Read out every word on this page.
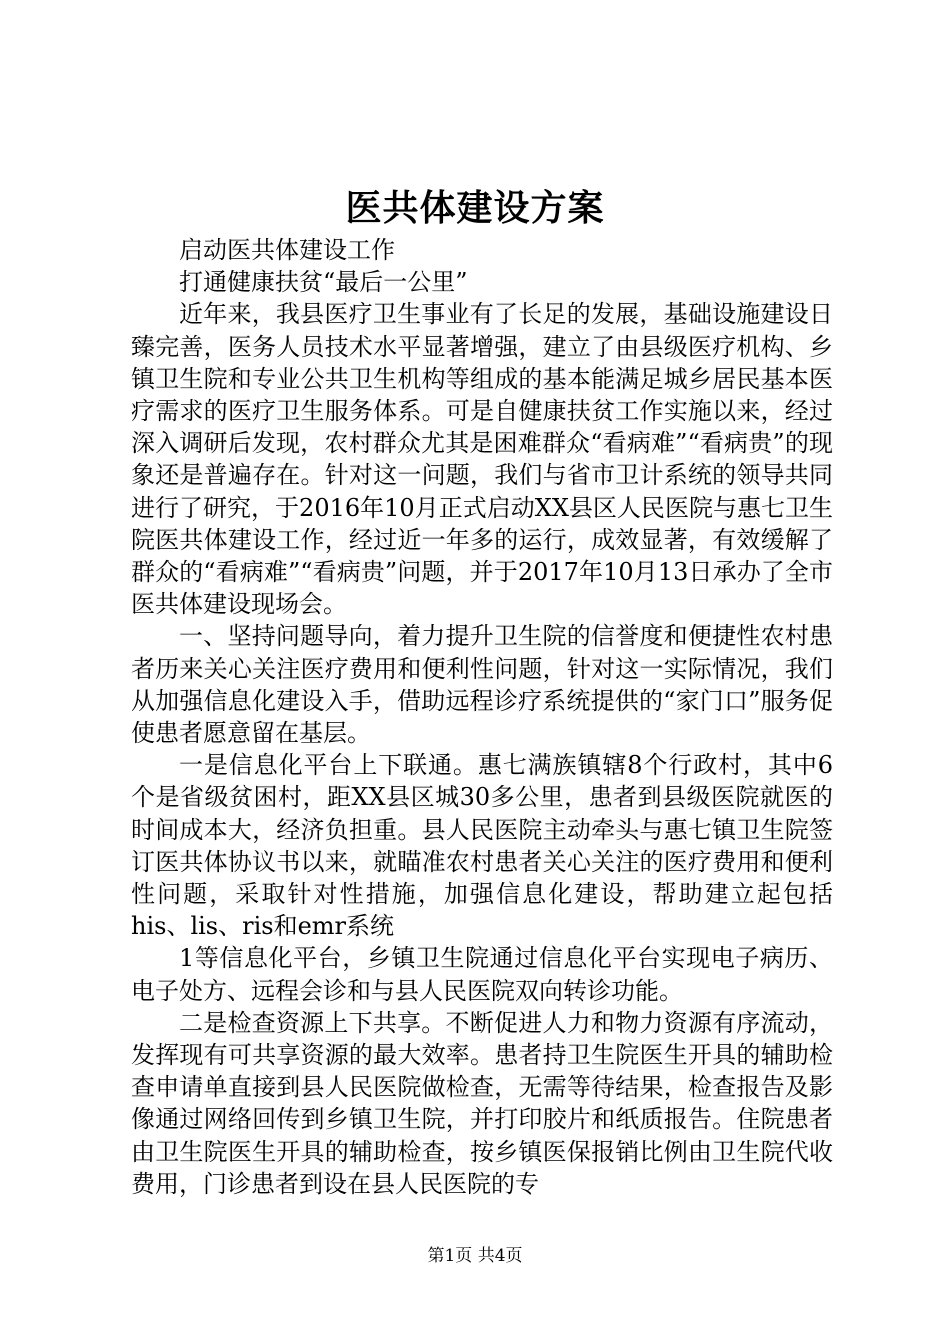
医共体建设方案

启动医共体建设工作

打通健康扶贫“最后一公里”

近年来，我县医疗卫生事业有了长足的发展，基础设施建设日臻完善，医务人员技术水平显著增强，建立了由县级医疗机构、乡镇卫生院和专业公共卫生机构等组成的基本能满足城乡居民基本医疗需求的医疗卫生服务体系。可是自健康扶贫工作实施以来，经过深入调研后发现，农村群众尤其是困难群众“看病难”“看病贵”的现象还是普遍存在。针对这一问题，我们与省市卫计系统的领导共同进行了研究，于2016年10月正式启动XX县区人民医院与惠七卫生院医共体建设工作，经过近一年多的运行，成效显著，有效缓解了群众的“看病难”“看病贵”问题，并于2017年10月13日承办了全市医共体建设现场会。

一、坚持问题导向，着力提升卫生院的信誉度和便捷性农村患者历来关心关注医疗费用和便利性问题，针对这一实际情况，我们从加强信息化建设入手，借助远程诊疗系统提供的“家门口”服务促使患者愿意留在基层。

一是信息化平台上下联通。惠七满族镇辖8个行政村，其中6个是省级贫困村，距XX县区城30多公里，患者到县级医院就医的时间成本大，经济负担重。县人民医院主动牵头与惠七镇卫生院签订医共体协议书以来，就瞄准农村患者关心关注的医疗费用和便利性问题，采取针对性措施，加强信息化建设，帮助建立起包括his、lis、ris和emr系统

1等信息化平台，乡镇卫生院通过信息化平台实现电子病历、电子处方、远程会诊和与县人民医院双向转诊功能。

二是检查资源上下共享。不断促进人力和物力资源有序流动，发挥现有可共享资源的最大效率。患者持卫生院医生开具的辅助检查申请单直接到县人民医院做检查，无需等待结果，检查报告及影像通过网络回传到乡镇卫生院，并打印胶片和纸质报告。住院患者由卫生院医生开具的辅助检查，按乡镇医保报销比例由卫生院代收费用，门诊患者到设在县人民医院的专

第1页 共4页
